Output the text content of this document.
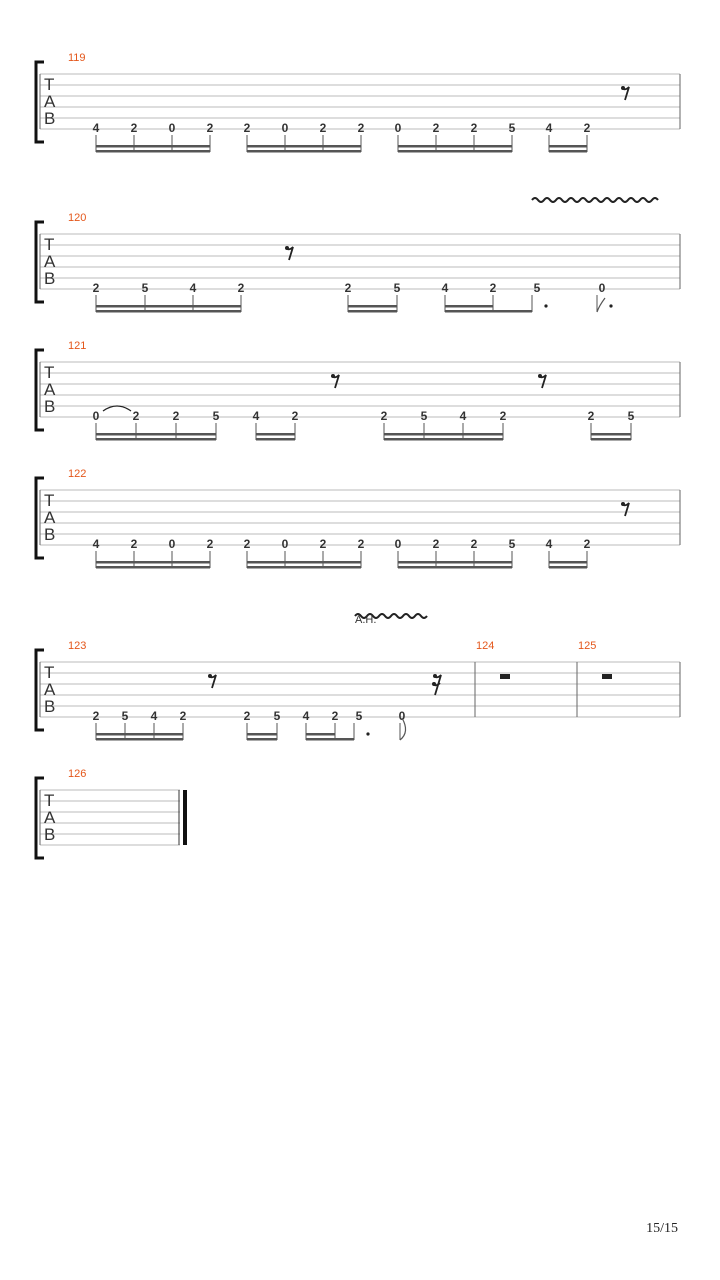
119
T
A
B	4	2	0	2	2	0	2	2	0	2	2	5	4	2
120
T
A
B	2	5	4	2	2	5	4	2	5	0
121
T
A
B	0	2	2	5	4	2	2	5	4	2	2	5
122
T
A
B	4	2	0	2	2	0	2	2	0	2	2	5	4	2
A.H.
123	124	125
T
A
B	2 5 4 2	2 5 4 2 5	0
126
T
A
B
15/15
